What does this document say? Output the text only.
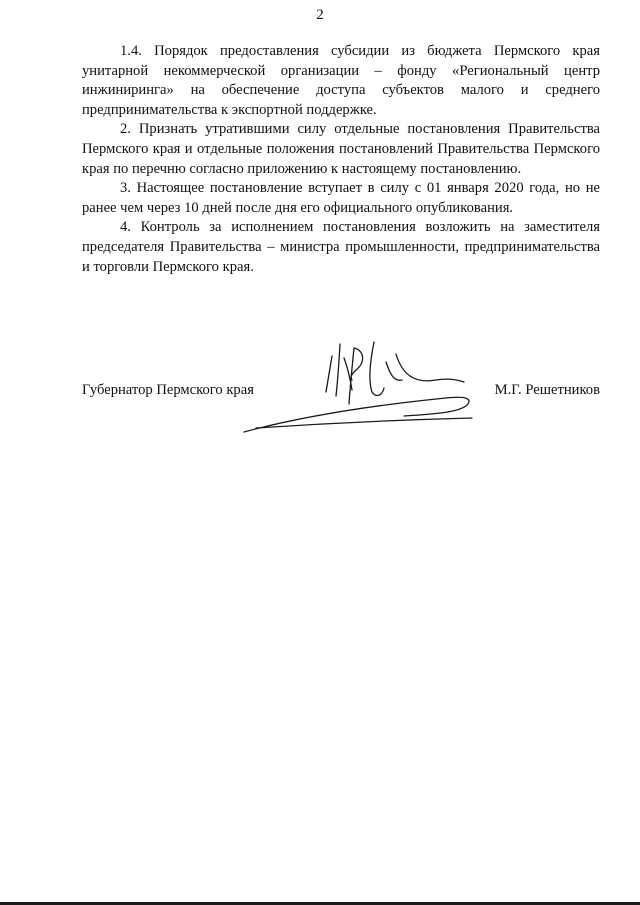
2

1.4. Порядок предоставления субсидии из бюджета Пермского края унитарной некоммерческой организации – фонду «Региональный центр инжиниринга» на обеспечение доступа субъектов малого и среднего предпринимательства к экспортной поддержке.

2. Признать утратившими силу отдельные постановления Правительства Пермского края и отдельные положения постановлений Правительства Пермского края по перечню согласно приложению к настоящему постановлению.

3. Настоящее постановление вступает в силу с 01 января 2020 года, но не ранее чем через 10 дней после дня его официального опубликования.

4. Контроль за исполнением постановления возложить на заместителя председателя Правительства – министра промышленности, предпринимательства и торговли Пермского края.

Губернатор Пермского края	М.Г. Решетников
